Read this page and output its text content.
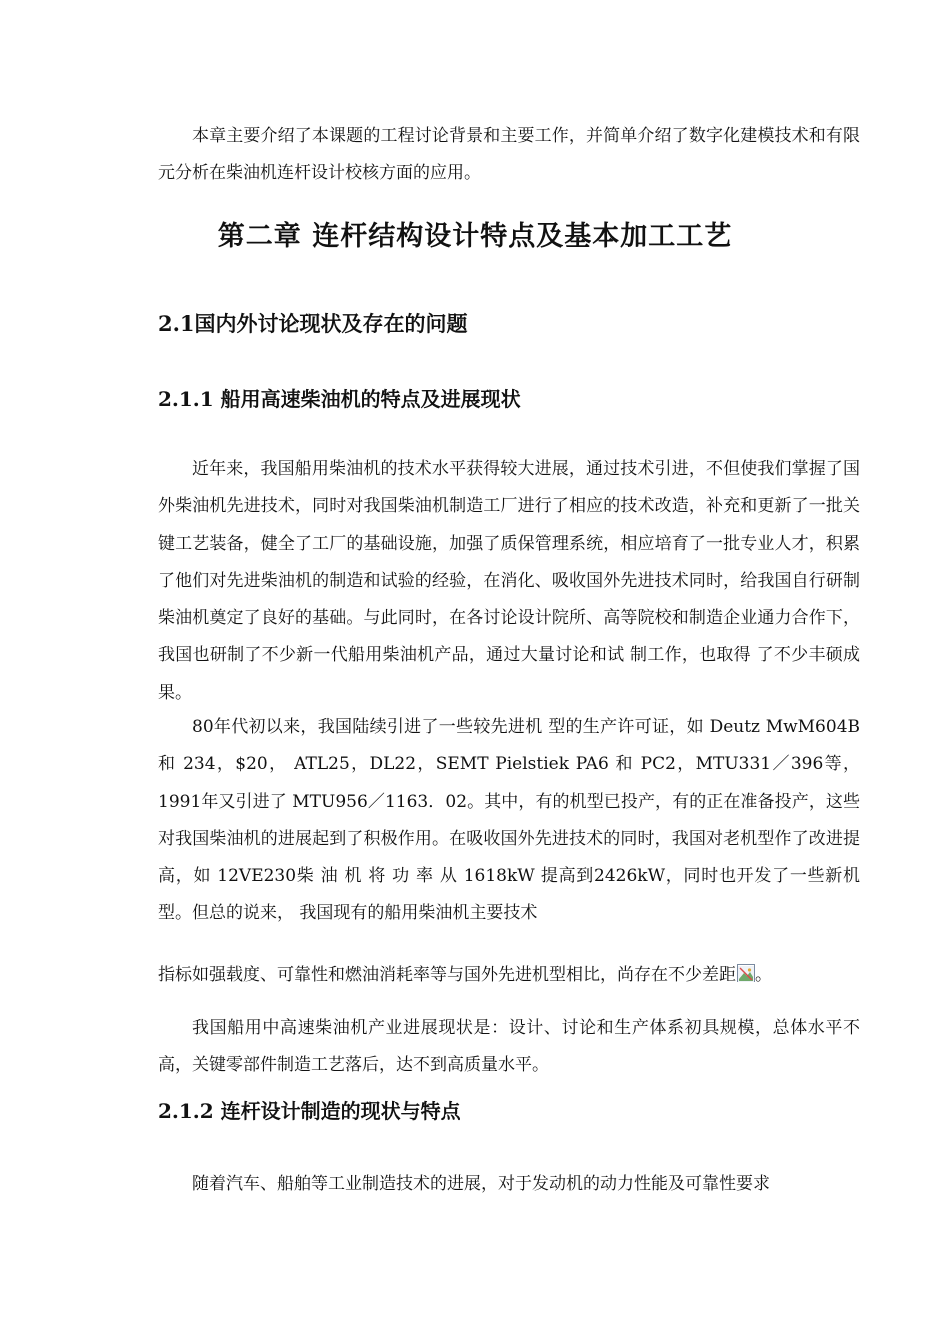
本章主要介绍了本课题的工程讨论背景和主要工作，并简单介绍了数字化建模技术和有限元分析在柴油机连杆设计校核方面的应用。

第二章 连杆结构设计特点及基本加工工艺
2.1国内外讨论现状及存在的问题
2.1.1 船用高速柴油机的特点及进展现状

近年来，我国船用柴油机的技术水平获得较大进展，通过技术引进，不但使我们掌握了国外柴油机先进技术，同时对我国柴油机制造工厂进行了相应的技术改造，补充和更新了一批关键工艺装备，健全了工厂的基础设施，加强了质保管理系统，相应培育了一批专业人才，积累了他们对先进柴油机的制造和试验的经验，在消化、吸收国外先进技术同时，给我国自行研制柴油机奠定了良好的基础。与此同时，在各讨论设计院所、高等院校和制造企业通力合作下，我国也研制了不少新一代船用柴油机产品，通过大量讨论和试 制工作，也取得 了不少丰硕成果。

80年代初以来，我国陆续引进了一些较先进机 型的生产许可证，如 Deutz MwM604B和 234，$20， ATL25，DL22，SEMT Pielstiek PA6 和 PC2，MTU331／396等，1991年又引进了 MTU956／1163．02。其中，有的机型已投产，有的正在准备投产，这些对我国柴油机的进展起到了积极作用。在吸收国外先进技术的同时，我国对老机型作了改进提高，如 12VE230柴 油 机 将 功 率 从 1618kW 提高到2426kW，同时也开发了一些新机型。但总的说来， 我国现有的船用柴油机主要技术

指标如强载度、可靠性和燃油消耗率等与国外先进机型相比，尚存在不少差距 。

我国船用中高速柴油机产业进展现状是：设计、讨论和生产体系初具规模，总体水平不高，关键零部件制造工艺落后，达不到高质量水平。

2.1.2 连杆设计制造的现状与特点

随着汽车、船舶等工业制造技术的进展，对于发动机的动力性能及可靠性要求
